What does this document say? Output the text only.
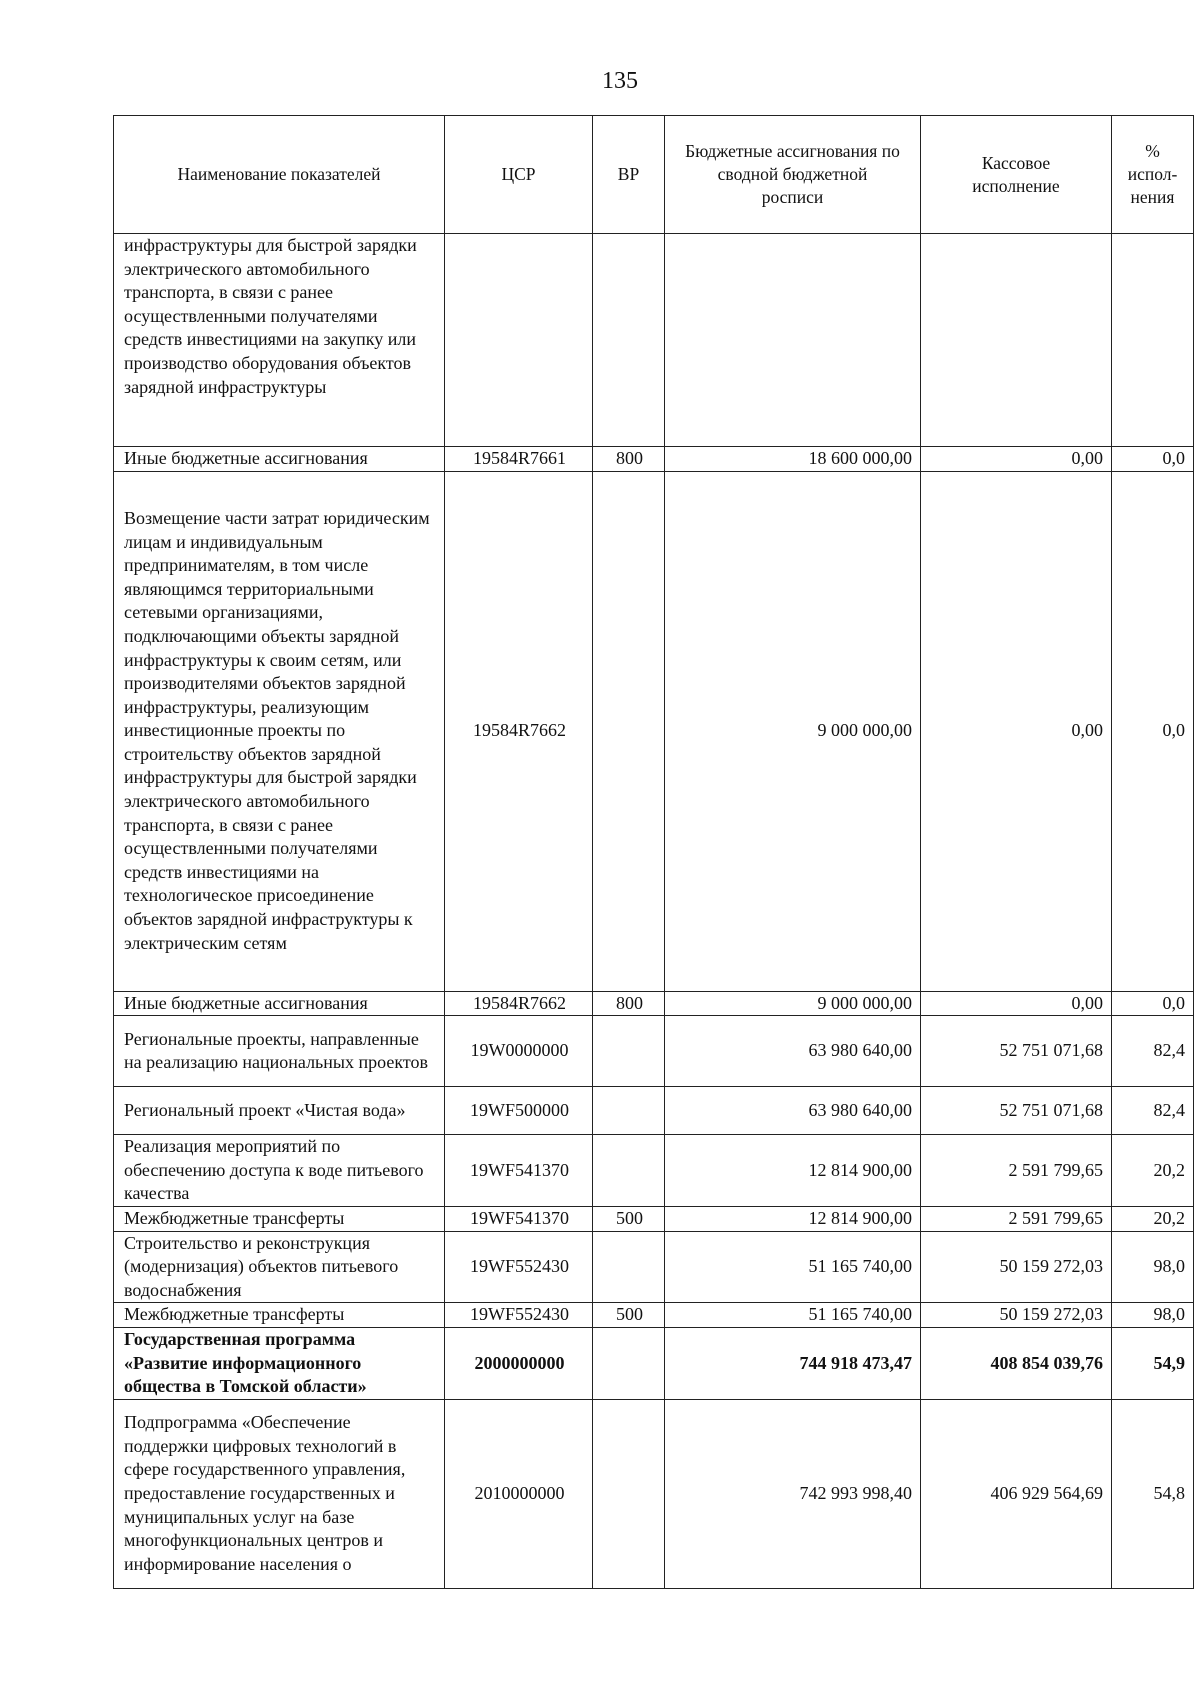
135
Наименование показателей	ЦСР	ВР	Бюджетные ассигнования по сводной бюджетной росписи	Кассовое исполнение	% испол-нения
инфраструктуры для быстрой зарядки электрического автомобильного транспорта, в связи с ранее осуществленными получателями средств инвестициями на закупку или производство оборудования объектов зарядной инфраструктуры					
Иные бюджетные ассигнования	19584R7661	800	18 600 000,00	0,00	0,0
Возмещение части затрат юридическим лицам и индивидуальным предпринимателям, в том числе являющимся территориальными сетевыми организациями, подключающими объекты зарядной инфраструктуры к своим сетям, или производителями объектов зарядной инфраструктуры, реализующим инвестиционные проекты по строительству объектов зарядной инфраструктуры для быстрой зарядки электрического автомобильного транспорта, в связи с ранее осуществленными получателями средств инвестициями на технологическое присоединение объектов зарядной инфраструктуры к электрическим сетям	19584R7662		9 000 000,00	0,00	0,0
Иные бюджетные ассигнования	19584R7662	800	9 000 000,00	0,00	0,0
Региональные проекты, направленные на реализацию национальных проектов	19W0000000		63 980 640,00	52 751 071,68	82,4
Региональный проект «Чистая вода»	19WF500000		63 980 640,00	52 751 071,68	82,4
Реализация мероприятий по обеспечению доступа к воде питьевого качества	19WF541370		12 814 900,00	2 591 799,65	20,2
Межбюджетные трансферты	19WF541370	500	12 814 900,00	2 591 799,65	20,2
Строительство и реконструкция (модернизация) объектов питьевого водоснабжения	19WF552430		51 165 740,00	50 159 272,03	98,0
Межбюджетные трансферты	19WF552430	500	51 165 740,00	50 159 272,03	98,0
Государственная программа «Развитие информационного общества в Томской области»	2000000000		744 918 473,47	408 854 039,76	54,9
Подпрограмма «Обеспечение поддержки цифровых технологий в сфере государственного управления, предоставление государственных и муниципальных услуг на базе многофункциональных центров и информирование населения о	2010000000		742 993 998,40	406 929 564,69	54,8
